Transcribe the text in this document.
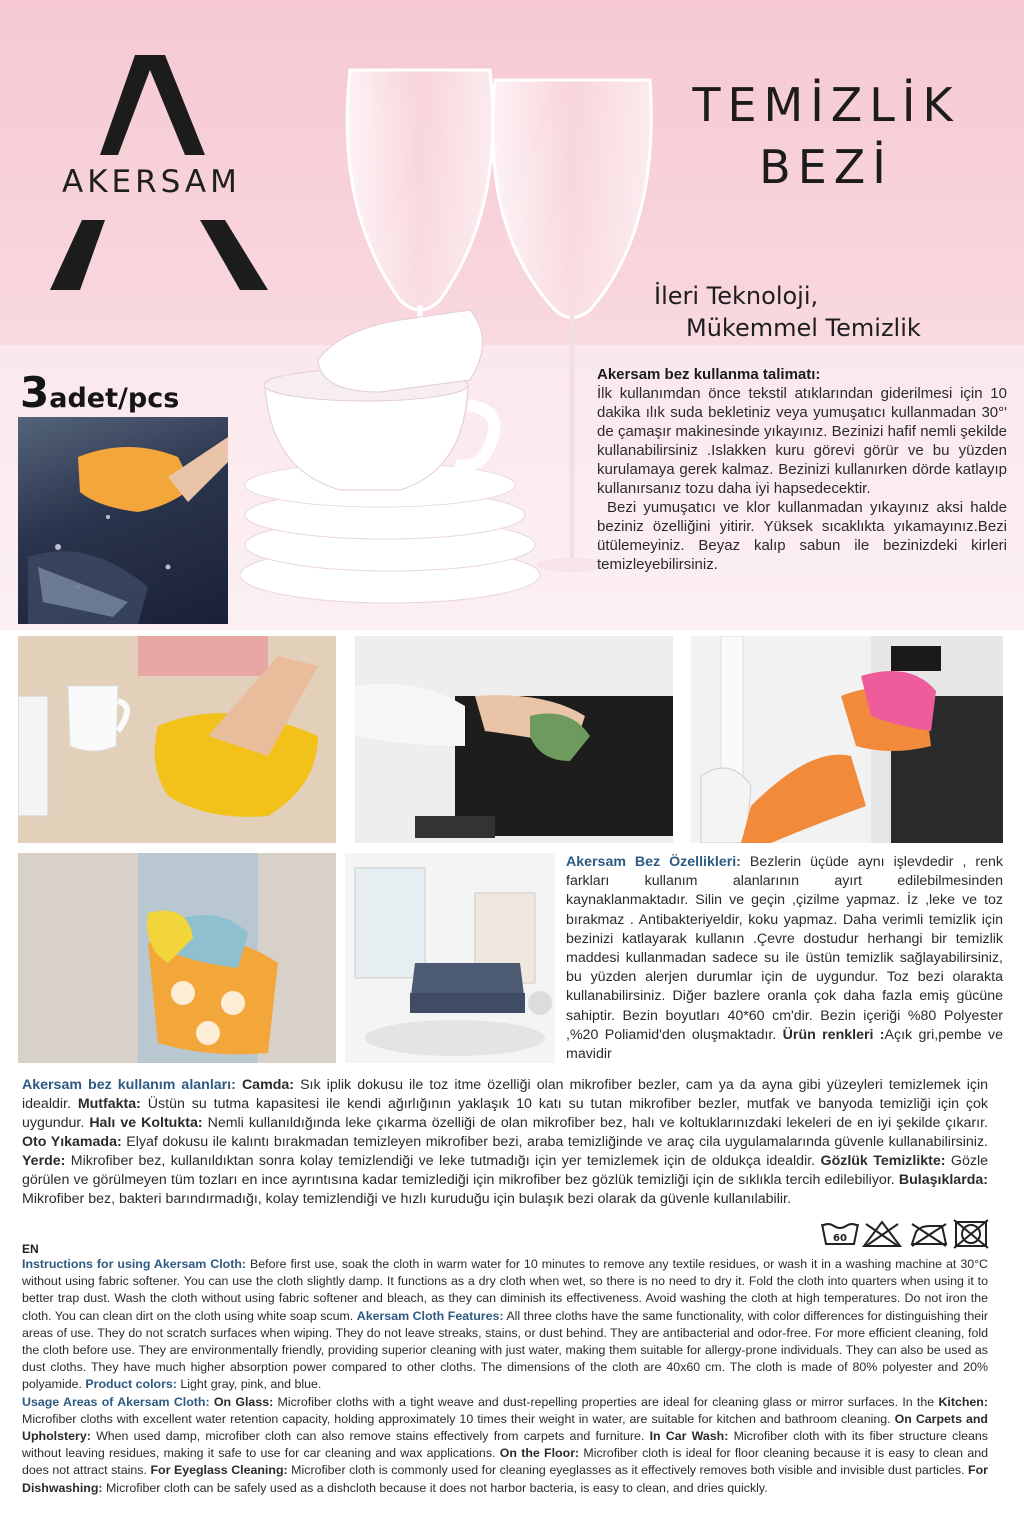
AKERSAM
TEMİZLİK
BEZİ
İleri Teknoloji,
Mükemmel Temizlik
3adet/pcs

Akersam bez kullanma talimatı:

İlk kullanımdan önce tekstil atıklarından giderilmesi için 10 dakika ılık suda bekletiniz veya yumuşatıcı kullanmadan 30°' de çamaşır makinesinde yıkayınız. Bezinizi hafif nemli şekilde kullanabilirsiniz .Islakken kuru görevi görür ve bu yüzden kurulamaya gerek kalmaz. Bezinizi kullanırken dörde katlayıp kullanırsanız tozu daha iyi hapsedecektir.

Bezi yumuşatıcı ve klor kullanmadan yıkayınız aksi halde beziniz özelliğini yitirir. Yüksek sıcaklıkta yıkamayınız.Bezi ütülemeyiniz. Beyaz kalıp sabun ile bezinizdeki kirleri temizleyebilirsiniz.

Akersam Bez Özellikleri: Bezlerin üçüde aynı işlevdedir , renk farkları kullanım alanlarının ayırt edilebilmesinden kaynaklanmaktadır. Silin ve geçin ,çizilme yapmaz. İz ,leke ve toz bırakmaz . Antibakteriyeldir, koku yapmaz. Daha verimli temizlik için bezinizi katlayarak kullanın .Çevre dostudur herhangi bir temizlik maddesi kullanmadan sadece su ile üstün temizlik sağlayabilirsiniz, bu yüzden alerjen durumlar için de uygundur. Toz bezi olarakta kullanabilirsiniz. Diğer bazlere oranla çok daha fazla emiş gücüne sahiptir. Bezin boyutları 40*60 cm'dir. Bezin içeriği %80 Polyester ,%20 Poliamid'den oluşmaktadır. Ürün renkleri :Açık gri,pembe ve mavidir
Akersam bez kullanım alanları: Camda: Sık iplik dokusu ile toz itme özelliği olan mikrofiber bezler, cam ya da ayna gibi yüzeyleri temizlemek için idealdir. Mutfakta: Üstün su tutma kapasitesi ile kendi ağırlığının yaklaşık 10 katı su tutan mikrofiber bezler, mutfak ve banyoda temizliği için çok uygundur. Halı ve Koltukta: Nemli kullanıldığında leke çıkarma özelliği de olan mikrofiber bez, halı ve koltuklarınızdaki lekeleri de en iyi şekilde çıkarır. Oto Yıkamada: Elyaf dokusu ile kalıntı bırakmadan temizleyen mikrofiber bezi, araba temizliğinde ve araç cila uygulamalarında güvenle kullanabilirsiniz. Yerde: Mikrofiber bez, kullanıldıktan sonra kolay temizlendiği ve leke tutmadığı için yer temizlemek için de oldukça idealdir. Gözlük Temizlikte: Gözle görülen ve görülmeyen tüm tozları en ince ayrıntısına kadar temizlediği için mikrofiber bez gözlük temizliği için de sıklıkla tercih edilebiliyor. Bulaşıklarda: Mikrofiber bez, bakteri barındırmadığı, kolay temizlendiği ve hızlı kuruduğu için bulaşık bezi olarak da güvenle kullanılabilir.
60
EN

Instructions for using Akersam Cloth: Before first use, soak the cloth in warm water for 10 minutes to remove any textile residues, or wash it in a washing machine at 30°C without using fabric softener. You can use the cloth slightly damp. It functions as a dry cloth when wet, so there is no need to dry it. Fold the cloth into quarters when using it to better trap dust. Wash the cloth without using fabric softener and bleach, as they can diminish its effectiveness. Avoid washing the cloth at high temperatures. Do not iron the cloth. You can clean dirt on the cloth using white soap scum. Akersam Cloth Features: All three cloths have the same functionality, with color differences for distinguishing their areas of use. They do not scratch surfaces when wiping. They do not leave streaks, stains, or dust behind. They are antibacterial and odor-free. For more efficient cleaning, fold the cloth before use. They are environmentally friendly, providing superior cleaning with just water, making them suitable for allergy-prone individuals. They can also be used as dust cloths. They have much higher absorption power compared to other cloths. The dimensions of the cloth are 40x60 cm. The cloth is made of 80% polyester and 20% polyamide. Product colors: Light gray, pink, and blue.

Usage Areas of Akersam Cloth: On Glass: Microfiber cloths with a tight weave and dust-repelling properties are ideal for cleaning glass or mirror surfaces. In the Kitchen: Microfiber cloths with excellent water retention capacity, holding approximately 10 times their weight in water, are suitable for kitchen and bathroom cleaning. On Carpets and Upholstery: When used damp, microfiber cloth can also remove stains effectively from carpets and furniture. In Car Wash: Microfiber cloth with its fiber structure cleans without leaving residues, making it safe to use for car cleaning and wax applications. On the Floor: Microfiber cloth is ideal for floor cleaning because it is easy to clean and does not attract stains. For Eyeglass Cleaning: Microfiber cloth is commonly used for cleaning eyeglasses as it effectively removes both visible and invisible dust particles. For Dishwashing: Microfiber cloth can be safely used as a dishcloth because it does not harbor bacteria, is easy to clean, and dries quickly.
